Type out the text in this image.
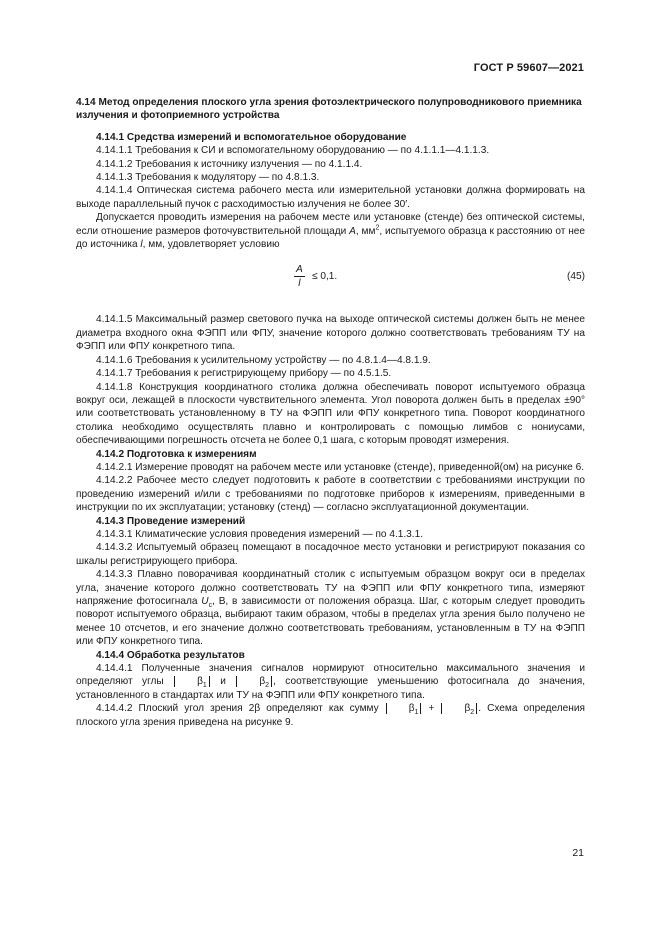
ГОСТ Р 59607—2021

4.14 Метод определения плоского угла зрения фотоэлектрического полупроводникового приемника излучения и фотоприемного устройства

4.14.1 Средства измерений и вспомогательное оборудование

4.14.1.1 Требования к СИ и вспомогательному оборудованию — по 4.1.1.1—4.1.1.3.

4.14.1.2 Требования к источнику излучения — по 4.1.1.4.

4.14.1.3 Требования к модулятору — по 4.8.1.3.

4.14.1.4 Оптическая система рабочего места или измерительной установки должна формировать на выходе параллельный пучок с расходимостью излучения не более 30′.

Допускается проводить измерения на рабочем месте или установке (стенде) без оптической системы, если отношение размеров фоточувствительной площади A, $мм^2$, испытуемого образца к расстоянию от нее до источника l, мм, удовлетворяет условию

$\frac{A}{l} \le 0,1$.	(45)

4.14.1.5 Максимальный размер светового пучка на выходе оптической системы должен быть не менее диаметра входного окна ФЭПП или ФПУ, значение которого должно соответствовать требованиям ТУ на ФЭПП или ФПУ конкретного типа.

4.14.1.6 Требования к усилительному устройству — по 4.8.1.4—4.8.1.9.

4.14.1.7 Требования к регистрирующему прибору — по 4.5.1.5.

4.14.1.8 Конструкция координатного столика должна обеспечивать поворот испытуемого образца вокруг оси, лежащей в плоскости чувствительного элемента. Угол поворота должен быть в пределах ±90° или соответствовать установленному в ТУ на ФЭПП или ФПУ конкретного типа. Поворот координатного столика необходимо осуществлять плавно и контролировать с помощью лимбов с нониусами, обеспечивающими погрешность отсчета не более 0,1 шага, с которым проводят измерения.

4.14.2 Подготовка к измерениям

4.14.2.1 Измерение проводят на рабочем месте или установке (стенде), приведенной(ом) на рисунке 6.

4.14.2.2 Рабочее место следует подготовить к работе в соответствии с требованиями инструкции по проведению измерений и/или с требованиями по подготовке приборов к измерениям, приведенными в инструкции по их эксплуатации; установку (стенд) — согласно эксплуатационной документации.

4.14.3 Проведение измерений

4.14.3.1 Климатические условия проведения измерений — по 4.1.3.1.

4.14.3.2 Испытуемый образец помещают в посадочное место установки и регистрируют показания со шкалы регистрирующего прибора.

4.14.3.3 Плавно поворачивая координатный столик с испытуемым образцом вокруг оси в пределах угла, значение которого должно соответствовать ТУ на ФЭПП или ФПУ конкретного типа, измеряют напряжение фотосигнала $U_c$, В, в зависимости от положения образца. Шаг, с которым следует проводить поворот испытуемого образца, выбирают таким образом, чтобы в пределах угла зрения было получено не менее 10 отсчетов, и его значение должно соответствовать требованиям, установленным в ТУ на ФЭПП или ФПУ конкретного типа.

4.14.4 Обработка результатов

4.14.4.1 Полученные значения сигналов нормируют относительно максимального значения и определяют углы $\beta_1$ и $\beta_2$ , соответствующие уменьшению фотосигнала до значения, установленного в стандартах или ТУ на ФЭПП или ФПУ конкретного типа.

4.14.4.2 Плоский угол зрения 2β определяют как сумму $\beta_1 + \beta_2$ . Схема определения плоского угла зрения приведена на рисунке 9.

21
